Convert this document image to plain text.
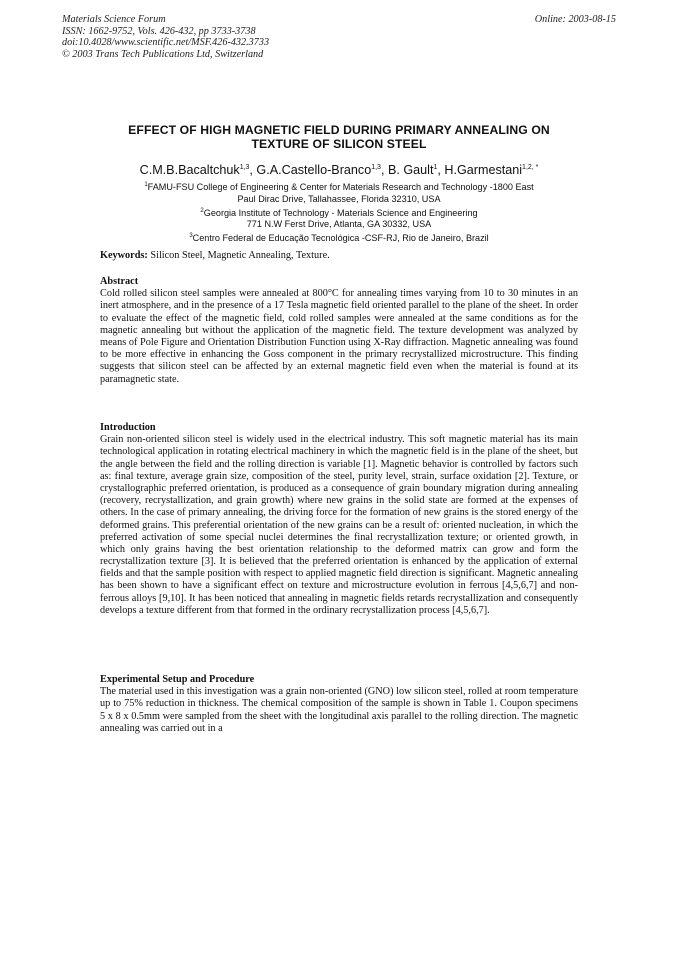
Materials Science Forum
ISSN: 1662-9752, Vols. 426-432, pp 3733-3738
doi:10.4028/www.scientific.net/MSF.426-432.3733
© 2003 Trans Tech Publications Ltd, Switzerland
Online: 2003-08-15
EFFECT OF HIGH MAGNETIC FIELD DURING PRIMARY ANNEALING ON
TEXTURE OF SILICON STEEL
C.M.B.Bacaltchuk$^{1,3}$, G.A.Castello-Branco$^{1,3}$, B. Gault$^1$, H.Garmestani$^{1,2, *}$
$^1$FAMU-FSU College of Engineering & Center for Materials Research and Technology -1800 East
Paul Dirac Drive, Tallahassee, Florida 32310, USA
$^2$Georgia Institute of Technology - Materials Science and Engineering
771 N.W Ferst Drive, Atlanta, GA 30332, USA
$^3$Centro Federal de Educação Tecnológica -CSF-RJ, Rio de Janeiro, Brazil
Keywords: Silicon Steel, Magnetic Annealing, Texture.
Abstract
Cold rolled silicon steel samples were annealed at 800°C for annealing times varying from 10 to 30 minutes in an inert atmosphere, and in the presence of a 17 Tesla magnetic field oriented parallel to the plane of the sheet. In order to evaluate the effect of the magnetic field, cold rolled samples were annealed at the same conditions as for the magnetic annealing but without the application of the magnetic field. The texture development was analyzed by means of Pole Figure and Orientation Distribution Function using X-Ray diffraction. Magnetic annealing was found to be more effective in enhancing the Goss component in the primary recrystallized microstructure. This finding suggests that silicon steel can be affected by an external magnetic field even when the material is found at its paramagnetic state.
Introduction
Grain non-oriented silicon steel is widely used in the electrical industry. This soft magnetic material has its main technological application in rotating electrical machinery in which the magnetic field is in the plane of the sheet, but the angle between the field and the rolling direction is variable [1]. Magnetic behavior is controlled by factors such as: final texture, average grain size, composition of the steel, purity level, strain, surface oxidation [2]. Texture, or crystallographic preferred orientation, is produced as a consequence of grain boundary migration during annealing (recovery, recrystallization, and grain growth) where new grains in the solid state are formed at the expenses of others. In the case of primary annealing, the driving force for the formation of new grains is the stored energy of the deformed grains. This preferential orientation of the new grains can be a result of: oriented nucleation, in which the preferred activation of some special nuclei determines the final recrystallization texture; or oriented growth, in which only grains having the best orientation relationship to the deformed matrix can grow and form the recrystallization texture [3]. It is believed that the preferred orientation is enhanced by the application of external fields and that the sample position with respect to applied magnetic field direction is significant. Magnetic annealing has been shown to have a significant effect on texture and microstructure evolution in ferrous [4,5,6,7] and non-ferrous alloys [9,10]. It has been noticed that annealing in magnetic fields retards recrystallization and consequently develops a texture different from that formed in the ordinary recrystallization process [4,5,6,7].
Experimental Setup and Procedure
The material used in this investigation was a grain non-oriented (GNO) low silicon steel, rolled at room temperature up to 75% reduction in thickness. The chemical composition of the sample is shown in Table 1. Coupon specimens 5 x 8 x 0.5mm were sampled from the sheet with the longitudinal axis parallel to the rolling direction. The magnetic annealing was carried out in a
